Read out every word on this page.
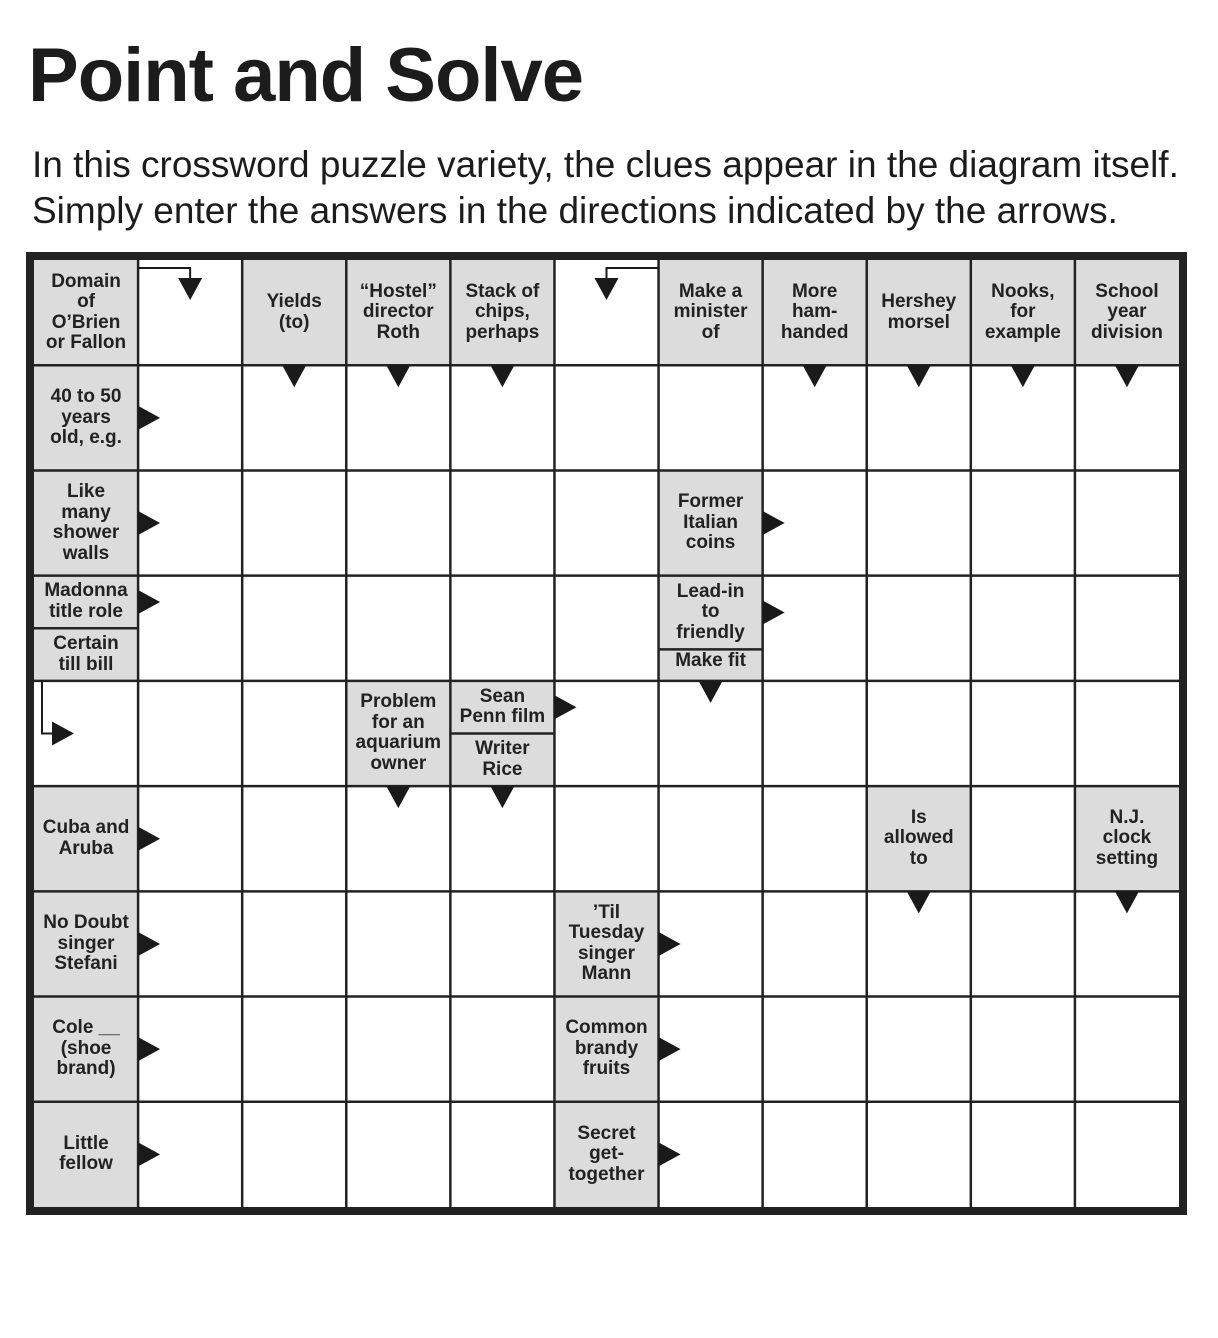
Point and Solve

In this crossword puzzle variety, the clues appear in the diagram itself. Simply enter the answers in the directions indicated by the arrows.

Domain
of
O’Brien
or Fallon
Yields
(to)
“Hostel”
director
Roth
Stack of
chips,
perhaps
Make a
minister
of
More
ham-
handed
Hershey
morsel
Nooks,
for
example
School
year
division
40 to 50
years
old, e.g.
Like
many
shower
walls
Former
Italian
coins
Madonna
title role
Certain
till bill
Lead-in
to
friendly
Make fit
Problem
for an
aquarium
owner
Sean
Penn film
Writer
Rice
Cuba and
Aruba
Is
allowed
to
N.J.
clock
setting
No Doubt
singer
Stefani
’Til
Tuesday
singer
Mann
Cole __
(shoe
brand)
Common
brandy
fruits
Little
fellow
Secret
get-
together
